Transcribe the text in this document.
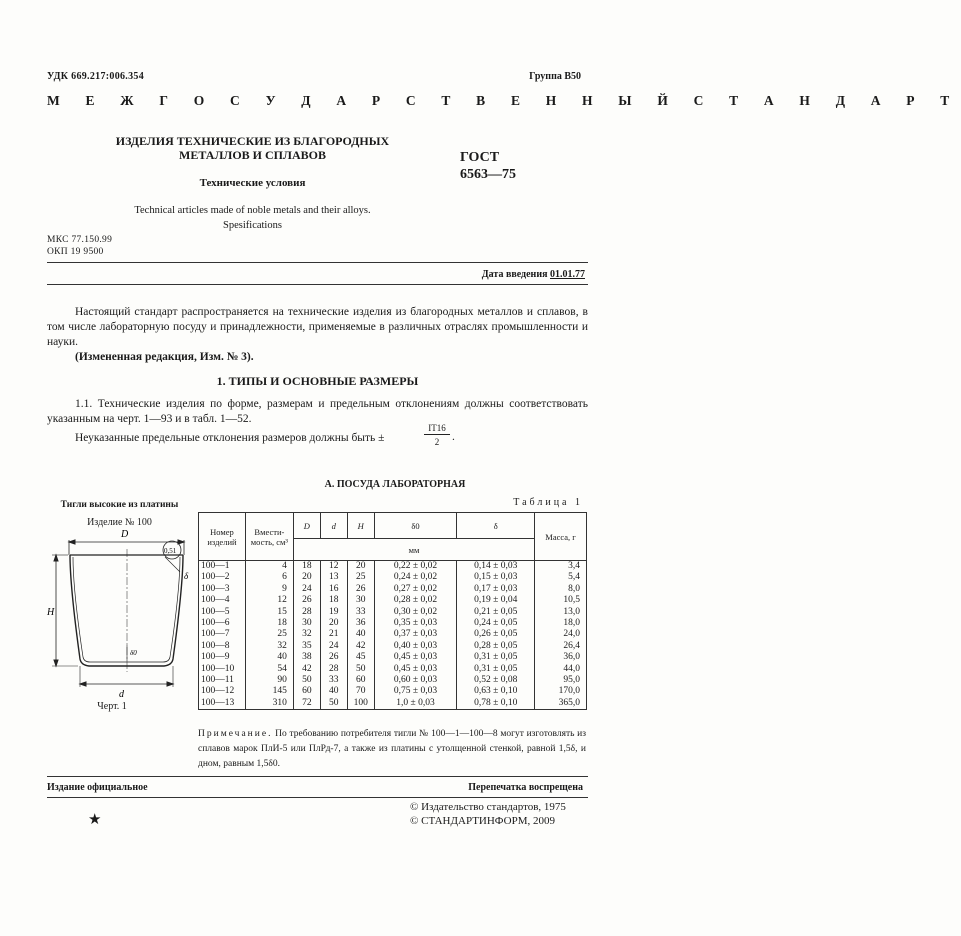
УДК 669.217:006.354	Группа В50
М Е Ж Г О С У Д А Р С Т В Е Н Н Ы Й С Т А Н Д А Р Т
ИЗДЕЛИЯ ТЕХНИЧЕСКИЕ ИЗ БЛАГОРОДНЫХ
МЕТАЛЛОВ И СПЛАВОВ
Технические условия
ГОСТ
6563—75
Technical articles made of noble metals and their alloys.
Spesifications
МКС 77.150.99
ОКП 19 9500
Дата введения 01.01.77
Настоящий стандарт распространяется на технические изделия из благородных металлов и сплавов, в том числе лабораторную посуду и принадлежности, применяемые в различных отраслях промышленности и науки.
(Измененная редакция, Изм. № 3).
1. ТИПЫ И ОСНОВНЫЕ РАЗМЕРЫ
1.1. Технические изделия по форме, размерам и предельным отклонениям должны соответствовать указанным на черт. 1—93 и в табл. 1—52.
Неуказанные предельные отклонения размеров должны быть ±	$\frac{IT16}{2}$ .
А. ПОСУДА ЛАБОРАТОРНАЯ
Таблица 1
Тигли высокие из платины
Изделие № 100
D
d
H
δ
δ0
0,51
Черт. 1
Номер изделий	Вмести-мость, см³	D	d	H	δ0	δ	Масса, г
		мм					
100—1	4	18	12	20	0,22 ± 0,02	0,14 ± 0,03	3,4
100—2	6	20	13	25	0,24 ± 0,02	0,15 ± 0,03	5,4
100—3	9	24	16	26	0,27 ± 0,02	0,17 ± 0,03	8,0
100—4	12	26	18	30	0,28 ± 0,02	0,19 ± 0,04	10,5
100—5	15	28	19	33	0,30 ± 0,02	0,21 ± 0,05	13,0
100—6	18	30	20	36	0,35 ± 0,03	0,24 ± 0,05	18,0
100—7	25	32	21	40	0,37 ± 0,03	0,26 ± 0,05	24,0
100—8	32	35	24	42	0,40 ± 0,03	0,28 ± 0,05	26,4
100—9	40	38	26	45	0,45 ± 0,03	0,31 ± 0,05	36,0
100—10	54	42	28	50	0,45 ± 0,03	0,31 ± 0,05	44,0
100—11	90	50	33	60	0,60 ± 0,03	0,52 ± 0,08	95,0
100—12	145	60	40	70	0,75 ± 0,03	0,63 ± 0,10	170,0
100—13	310	72	50	100	1,0 ± 0,03	0,78 ± 0,10	365,0
Примечание. По требованию потребителя тигли № 100—1—100—8 могут изготовлять из сплавов марок ПлИ-5 или ПлРд-7, а также из платины с утолщенной стенкой, равной 1,5δ, и дном, равным 1,5δ0.
Издание официальное	Перепечатка воспрещена
★
© Издательство стандартов, 1975
© СТАНДАРТИНФОРМ, 2009
